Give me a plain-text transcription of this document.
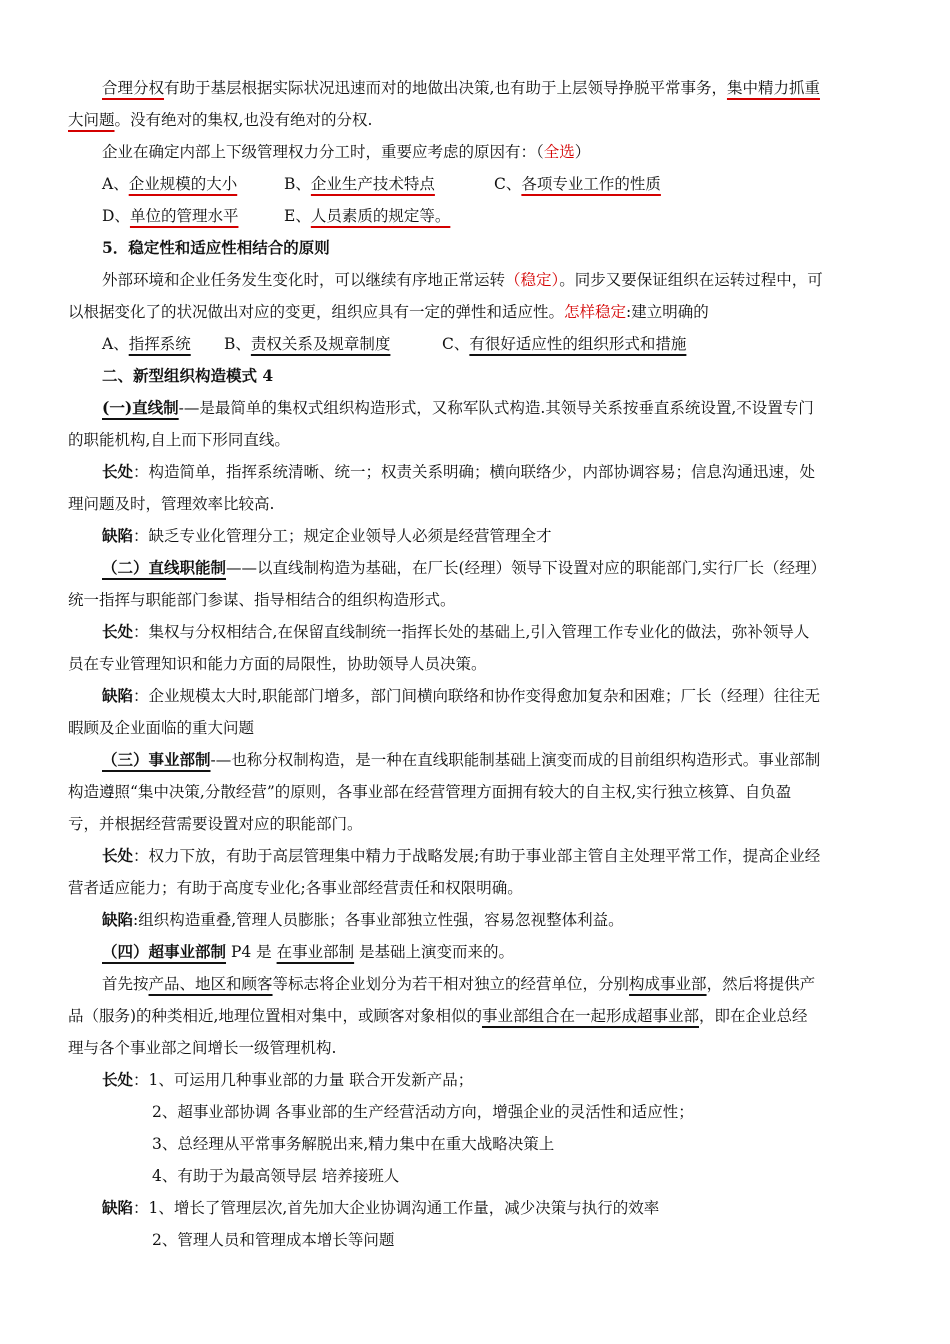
合理分权有助于基层根据实际状况迅速而对的地做出决策,也有助于上层领导挣脱平常事务，集中精力抓重

大问题。没有绝对的集权,也没有绝对的分权.

企业在确定内部上下级管理权力分工时，重要应考虑的原因有：（全选）

A、企业规模的大小	B、企业生产技术特点	C、各项专业工作的性质

D、单位的管理水平	E、人员素质的规定等。

5．稳定性和适应性相结合的原则

外部环境和企业任务发生变化时，可以继续有序地正常运转（稳定）。同步又要保证组织在运转过程中，可

以根据变化了的状况做出对应的变更，组织应具有一定的弹性和适应性。怎样稳定:建立明确的

A、指挥系统 B、责权关系及规章制度	C、有很好适应性的组织形式和措施

二、新型组织构造模式 4

(一)直线制-—是最简单的集权式组织构造形式，又称军队式构造.其领导关系按垂直系统设置,不设置专门

的职能机构,自上而下形同直线。

长处：构造简单，指挥系统清晰、统一；权责关系明确；横向联络少，内部协调容易；信息沟通迅速，处

理问题及时，管理效率比较高.

缺陷：缺乏专业化管理分工；规定企业领导人必须是经营管理全才

（二）直线职能制——以直线制构造为基础，在厂长(经理）领导下设置对应的职能部门,实行厂长（经理）

统一指挥与职能部门参谋、指导相结合的组织构造形式。

长处：集权与分权相结合,在保留直线制统一指挥长处的基础上,引入管理工作专业化的做法，弥补领导人

员在专业管理知识和能力方面的局限性，协助领导人员决策。

缺陷：企业规模太大时,职能部门增多，部门间横向联络和协作变得愈加复杂和困难；厂长（经理）往往无

暇顾及企业面临的重大问题

（三）事业部制-—也称分权制构造，是一种在直线职能制基础上演变而成的目前组织构造形式。事业部制

构造遵照“集中决策,分散经营”的原则，各事业部在经营管理方面拥有较大的自主权,实行独立核算、自负盈

亏，并根据经营需要设置对应的职能部门。

长处：权力下放，有助于高层管理集中精力于战略发展;有助于事业部主管自主处理平常工作，提高企业经

营者适应能力；有助于高度专业化;各事业部经营责任和权限明确。

缺陷:组织构造重叠,管理人员膨胀；各事业部独立性强，容易忽视整体利益。

（四）超事业部制 P4 是 在事业部制 是基础上演变而来的。

首先按产品、地区和顾客等标志将企业划分为若干相对独立的经营单位，分别构成事业部，然后将提供产

品（服务)的种类相近,地理位置相对集中，或顾客对象相似的事业部组合在一起形成超事业部，即在企业总经

理与各个事业部之间增长一级管理机构.

长处：1、可运用几种事业部的力量 联合开发新产品；

2、超事业部协调 各事业部的生产经营活动方向，增强企业的灵活性和适应性；

3、总经理从平常事务解脱出来,精力集中在重大战略决策上

4、有助于为最高领导层 培养接班人

缺陷：1、增长了管理层次,首先加大企业协调沟通工作量，减少决策与执行的效率

2、管理人员和管理成本增长等问题
